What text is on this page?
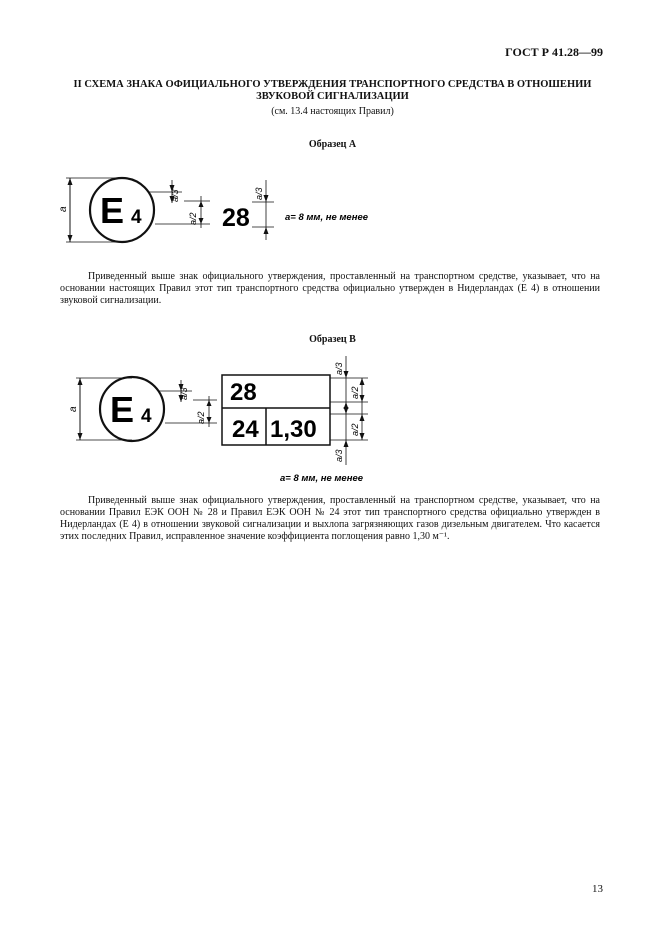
ГОСТ Р 41.28—99
II СХЕМА ЗНАКА ОФИЦИАЛЬНОГО УТВЕРЖДЕНИЯ ТРАНСПОРТНОГО СРЕДСТВА В ОТНОШЕНИИ
ЗВУКОВОЙ СИГНАЛИЗАЦИИ
(см. 13.4 настоящих Правил)
Образец A
a E 4
a/3
a/2 28
a/3
a= 8 мм, не менее
a E 4
a/3
a/2
28
24 1,30
a/3
a/3
a/2
a/2
a= 8 мм, не менее

Приведенный выше знак официального утверждения, проставленный на транспортном средстве, указывает, что на основании настоящих Правил этот тип транспортного средства официально утвержден в Нидерландах (E 4) в отношении звуковой сигнализации.

Образец B

Приведенный выше знак официального утверждения, проставленный на транспортном средстве, указывает, что на основании Правил ЕЭК ООН № 28 и Правил ЕЭК ООН № 24 этот тип транспортного средства официально утвержден в Нидерландах (E 4) в отношении звуковой сигнализации и выхлопа загрязняющих газов дизельным двигателем. Что касается этих последних Правил, исправленное значение коэффициента поглощения равно 1,30 м⁻¹.

13
